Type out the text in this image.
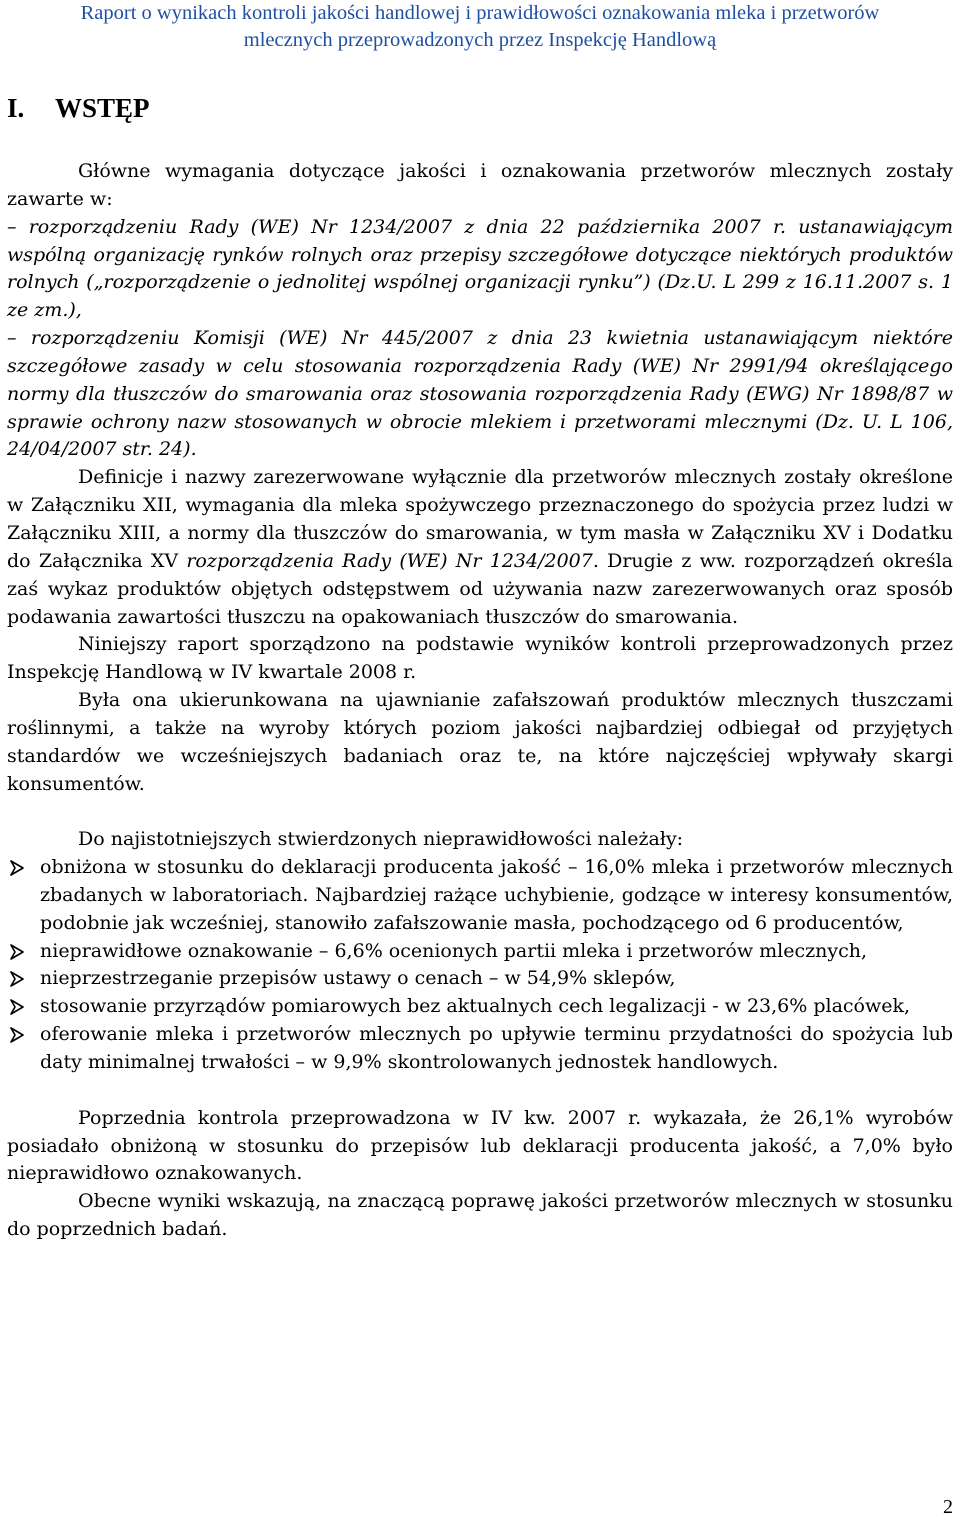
Raport o wynikach kontroli jakości handlowej i prawidłowości oznakowania mleka i przetworów
mlecznych przeprowadzonych przez Inspekcję Handlową
I. WSTĘP

Główne wymagania dotyczące jakości i oznakowania przetworów mlecznych zostały zawarte w:

– rozporządzeniu Rady (WE) Nr 1234/2007 z dnia 22 października 2007 r. ustanawiającym wspólną organizację rynków rolnych oraz przepisy szczegółowe dotyczące niektórych produktów rolnych („rozporządzenie o jednolitej wspólnej organizacji rynku”) (Dz.U. L 299 z 16.11.2007 s. 1 ze zm.),

– rozporządzeniu Komisji (WE) Nr 445/2007 z dnia 23 kwietnia ustanawiającym niektóre szczegółowe zasady w celu stosowania rozporządzenia Rady (WE) Nr 2991/94 określającego normy dla tłuszczów do smarowania oraz stosowania rozporządzenia Rady (EWG) Nr 1898/87 w sprawie ochrony nazw stosowanych w obrocie mlekiem i przetworami mlecznymi (Dz. U. L 106, 24/04/2007 str. 24).

Definicje i nazwy zarezerwowane wyłącznie dla przetworów mlecznych zostały określone w Załączniku XII, wymagania dla mleka spożywczego przeznaczonego do spożycia przez ludzi w Załączniku XIII, a normy dla tłuszczów do smarowania, w tym masła w Załączniku XV i Dodatku do Załącznika XV rozporządzenia Rady (WE) Nr 1234/2007. Drugie z ww. rozporządzeń określa zaś wykaz produktów objętych odstępstwem od używania nazw zarezerwowanych oraz sposób podawania zawartości tłuszczu na opakowaniach tłuszczów do smarowania.

Niniejszy raport sporządzono na podstawie wyników kontroli przeprowadzonych przez Inspekcję Handlową w IV kwartale 2008 r.

Była ona ukierunkowana na ujawnianie zafałszowań produktów mlecznych tłuszczami roślinnymi, a także na wyroby których poziom jakości najbardziej odbiegał od przyjętych standardów we wcześniejszych badaniach oraz te, na które najczęściej wpływały skargi konsumentów.

Do najistotniejszych stwierdzonych nieprawidłowości należały:

obniżona w stosunku do deklaracji producenta jakość – 16,0% mleka i przetworów mlecznych zbadanych w laboratoriach. Najbardziej rażące uchybienie, godzące w interesy konsumentów, podobnie jak wcześniej, stanowiło zafałszowanie masła, pochodzącego od 6 producentów,
nieprawidłowe oznakowanie – 6,6% ocenionych partii mleka i przetworów mlecznych,
nieprzestrzeganie przepisów ustawy o cenach – w 54,9% sklepów,
stosowanie przyrządów pomiarowych bez aktualnych cech legalizacji - w 23,6% placówek,
oferowanie mleka i przetworów mlecznych po upływie terminu przydatności do spożycia lub daty minimalnej trwałości – w 9,9% skontrolowanych jednostek handlowych.

Poprzednia kontrola przeprowadzona w IV kw. 2007 r. wykazała, że 26,1% wyrobów posiadało obniżoną w stosunku do przepisów lub deklaracji producenta jakość, a 7,0% było nieprawidłowo oznakowanych.

Obecne wyniki wskazują, na znaczącą poprawę jakości przetworów mlecznych w stosunku do poprzednich badań.

2
